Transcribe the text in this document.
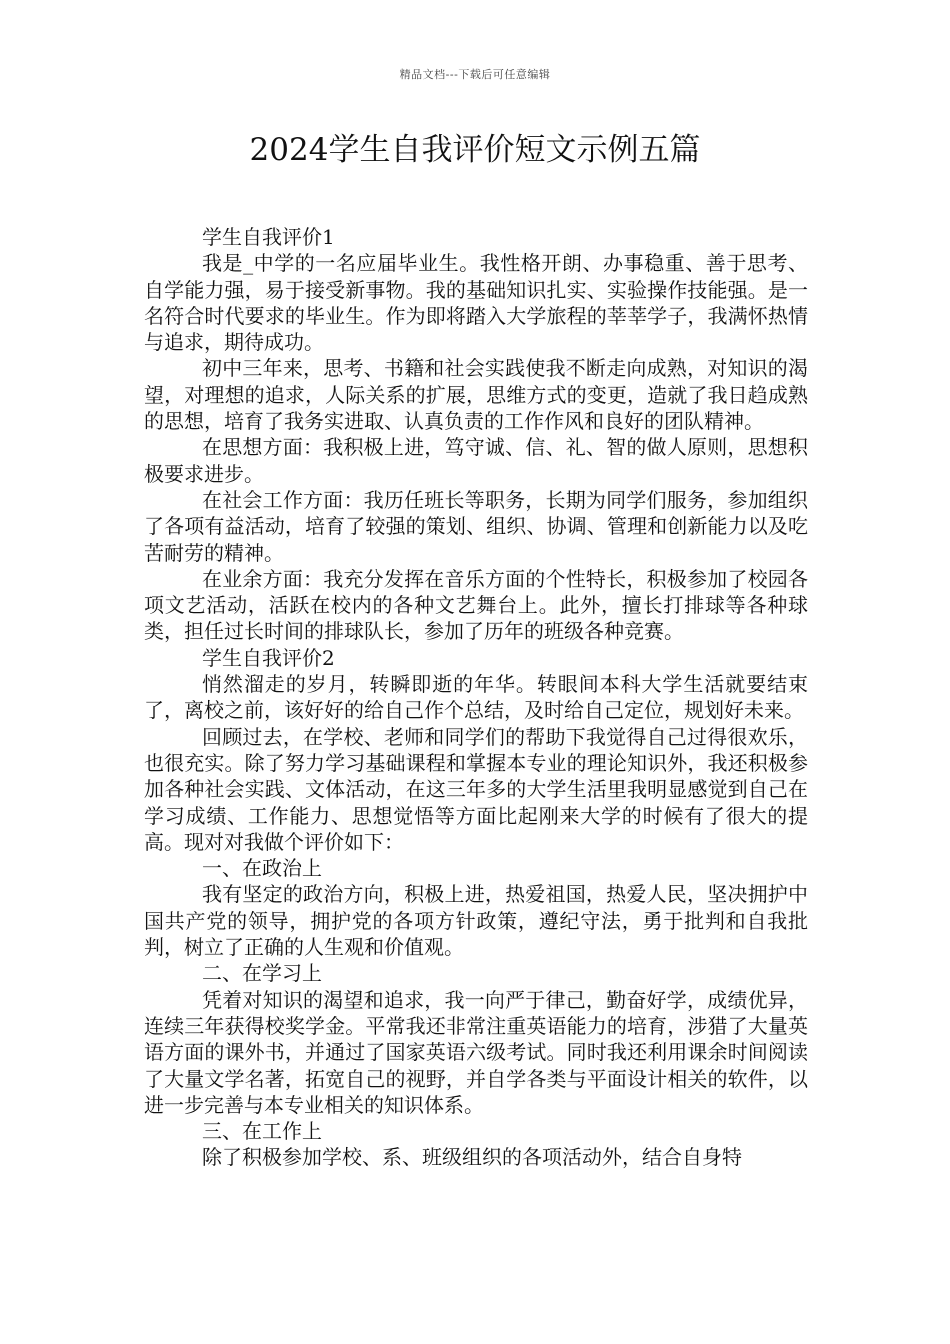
精品文档---下载后可任意编辑
2024学生自我评价短文示例五篇

学生自我评价1

我是_中学的一名应届毕业生。我性格开朗、办事稳重、善于思考、自学能力强，易于接受新事物。我的基础知识扎实、实验操作技能强。是一名符合时代要求的毕业生。作为即将踏入大学旅程的莘莘学子，我满怀热情与追求，期待成功。

初中三年来，思考、书籍和社会实践使我不断走向成熟，对知识的渴望，对理想的追求，人际关系的扩展，思维方式的变更，造就了我日趋成熟的思想，培育了我务实进取、认真负责的工作作风和良好的团队精神。

在思想方面：我积极上进，笃守诚、信、礼、智的做人原则，思想积极要求进步。

在社会工作方面：我历任班长等职务，长期为同学们服务，参加组织了各项有益活动，培育了较强的策划、组织、协调、管理和创新能力以及吃苦耐劳的精神。

在业余方面：我充分发挥在音乐方面的个性特长，积极参加了校园各项文艺活动，活跃在校内的各种文艺舞台上。此外，擅长打排球等各种球类，担任过长时间的排球队长，参加了历年的班级各种竞赛。

学生自我评价2

悄然溜走的岁月，转瞬即逝的年华。转眼间本科大学生活就要结束了，离校之前，该好好的给自己作个总结，及时给自己定位，规划好未来。

回顾过去，在学校、老师和同学们的帮助下我觉得自己过得很欢乐，也很充实。除了努力学习基础课程和掌握本专业的理论知识外，我还积极参加各种社会实践、文体活动，在这三年多的大学生活里我明显感觉到自己在学习成绩、工作能力、思想觉悟等方面比起刚来大学的时候有了很大的提高。现对对我做个评价如下：

一、在政治上

我有坚定的政治方向，积极上进，热爱祖国，热爱人民，坚决拥护中国共产党的领导，拥护党的各项方针政策，遵纪守法，勇于批判和自我批判，树立了正确的人生观和价值观。

二、在学习上

凭着对知识的渴望和追求，我一向严于律己，勤奋好学，成绩优异，连续三年获得校奖学金。平常我还非常注重英语能力的培育，涉猎了大量英语方面的课外书，并通过了国家英语六级考试。同时我还利用课余时间阅读了大量文学名著，拓宽自己的视野，并自学各类与平面设计相关的软件，以进一步完善与本专业相关的知识体系。

三、在工作上

除了积极参加学校、系、班级组织的各项活动外，结合自身特
